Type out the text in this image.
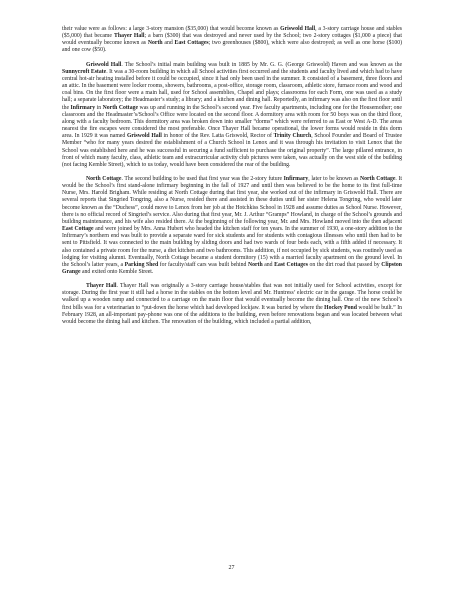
their value were as follows: a large 3-story mansion ($35,000) that would become known as Griswold Hall, a 3-story carriage house and stables ($5,000) that became Thayer Hall; a barn ($300) that was destroyed and never used by the School; two 2-story cottages ($1,000 a piece) that would eventually become known as North and East Cottages; two greenhouses ($800), which were also destroyed; as well as one horse ($100) and one cow ($50).

Griswold Hall. The School’s initial main building was built in 1885 by Mr. G. G. (George Griswold) Haven and was known as the Sunnycroft Estate. It was a 30-room building in which all School activities first occurred and the students and faculty lived and which had to have central hot-air heating installed before it could be occupied, since it had only been used in the summer. It consisted of a basement, three floors and an attic. In the basement were locker rooms, showers, bathrooms, a post-office, storage room, classroom, athletic store, furnace room and wood and coal bins. On the first floor were a main hall, used for School assemblies, Chapel and plays; classrooms for each Form, one was used as a study hall; a separate laboratory; the Headmaster’s study; a library; and a kitchen and dining hall. Reportedly, an infirmary was also on the first floor until the Infirmary in North Cottage was up and running in the School’s second year. Five faculty apartments, including one for the Housemother; one classroom and the Headmaster’s/School’s Office were located on the second floor. A dormitory area with room for 50 boys was on the third floor, along with a faculty bedroom. This dormitory area was broken down into smaller “dorms” which were referred to as East or West A-D. The areas nearest the fire escapes were considered the most preferable. Once Thayer Hall became operational, the lower forms would reside in this dorm area. In 1929 it was named Griswold Hall in honor of the Rev. Latta Griswold, Rector of Trinity Church, School Founder and Board of Trustee Member “who for many years desired the establishment of a Church School in Lenox and it was through his invitation to visit Lenox that the School was established here and he was successful in securing a fund sufficient to purchase the original property”. The large pillared entrance, in front of which many faculty, class, athletic team and extracurricular activity club pictures were taken, was actually on the west side of the building (not facing Kemble Street), which to us today, would have been considered the rear of the building.

North Cottage. The second building to be used that first year was the 2-story future Infirmary, later to be known as North Cottage. It would be the School’s first stand-alone infirmary beginning in the fall of 1927 and until then was believed to be the home to its first full-time Nurse, Mrs. Harold Brigham. While residing at North Cottage during that first year, she worked out of the infirmary in Griswold Hall. There are several reports that Singried Tongring, also a Nurse, resided there and assisted in these duties until her sister Helena Tongring, who would later become known as the “Duchess”, could move to Lenox from her job at the Hotchkiss School in 1928 and assume duties as School Nurse. However, there is no official record of Singried’s service. Also during that first year, Mr. J. Arthur “Gramps” Howland, in charge of the School’s grounds and building maintenance, and his wife also resided there. At the beginning of the following year, Mr. and Mrs. Howland moved into the then adjacent East Cottage and were joined by Mrs. Anna Hubert who headed the kitchen staff for ten years. In the summer of 1930, a one-story addition to the Infirmary’s northern end was built to provide a separate ward for sick students and for students with contagious illnesses who until then had to be sent to Pittsfield. It was connected to the main building by sliding doors and had two wards of four beds each, with a fifth added if necessary. It also contained a private room for the nurse, a diet kitchen and two bathrooms. This addition, if not occupied by sick students, was routinely used as lodging for visiting alumni. Eventually, North Cottage became a student dormitory (15) with a married faculty apartment on the ground level. In the School’s latter years, a Parking Shed for faculty/staff cars was built behind North and East Cottages on the dirt road that passed by Clipston Grange and exited onto Kemble Street.

Thayer Hall. Thayer Hall was originally a 3-story carriage house/stables that was not initially used for School activities, except for storage. During the first year it still had a horse in the stables on the bottom level and Mr. Huntress’ electric car in the garage. The horse could be walked up a wooden ramp and connected to a carriage on the main floor that would eventually become the dining hall. One of the new School’s first bills was for a veterinarian to “put-down the horse which had developed lockjaw. It was buried by where the Hockey Pond would be built.” In February 1928, an all-important pay-phone was one of the additions to the building, even before renovations began and was located between what would become the dining hall and kitchen. The renovation of the building, which included a partial addition,

27
